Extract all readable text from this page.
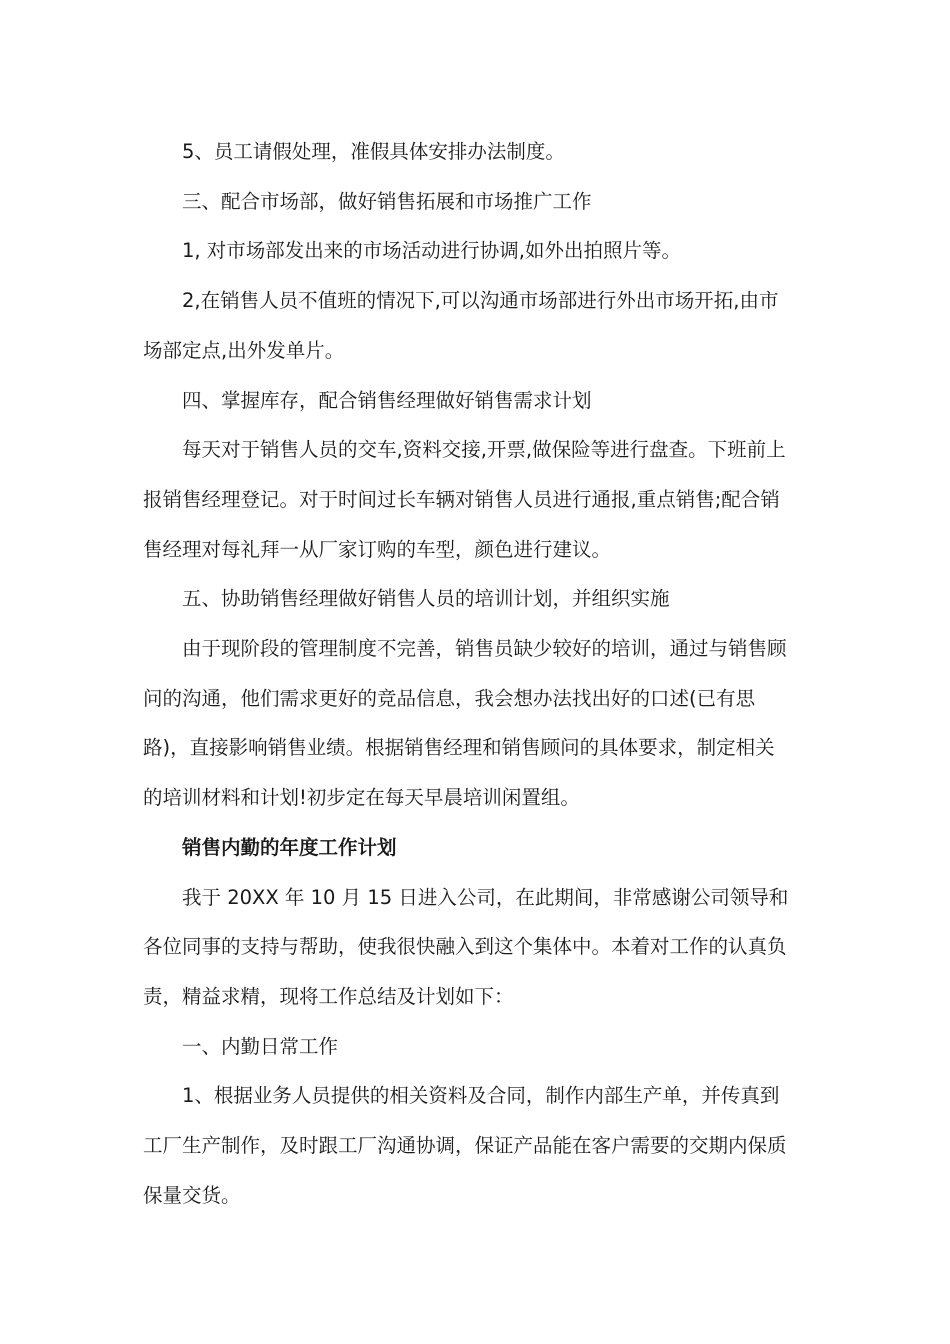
5、员工请假处理，准假具体安排办法制度。

三、配合市场部，做好销售拓展和市场推广工作

1, 对市场部发出来的市场活动进行协调,如外出拍照片等。

2,在销售人员不值班的情况下,可以沟通市场部进行外出市场开拓,由市场部定点,出外发单片。

四、掌握库存，配合销售经理做好销售需求计划

每天对于销售人员的交车,资料交接,开票,做保险等进行盘查。下班前上报销售经理登记。对于时间过长车辆对销售人员进行通报,重点销售;配合销售经理对每礼拜一从厂家订购的车型，颜色进行建议。

五、协助销售经理做好销售人员的培训计划，并组织实施

由于现阶段的管理制度不完善，销售员缺少较好的培训，通过与销售顾问的沟通，他们需求更好的竞品信息，我会想办法找出好的口述(已有思路)，直接影响销售业绩。根据销售经理和销售顾问的具体要求，制定相关的培训材料和计划!初步定在每天早晨培训闲置组。

销售内勤的年度工作计划

我于 20XX 年 10 月 15 日进入公司，在此期间，非常感谢公司领导和各位同事的支持与帮助，使我很快融入到这个集体中。本着对工作的认真负责，精益求精，现将工作总结及计划如下：

一、内勤日常工作

1、根据业务人员提供的相关资料及合同，制作内部生产单，并传真到工厂生产制作，及时跟工厂沟通协调，保证产品能在客户需要的交期内保质保量交货。
